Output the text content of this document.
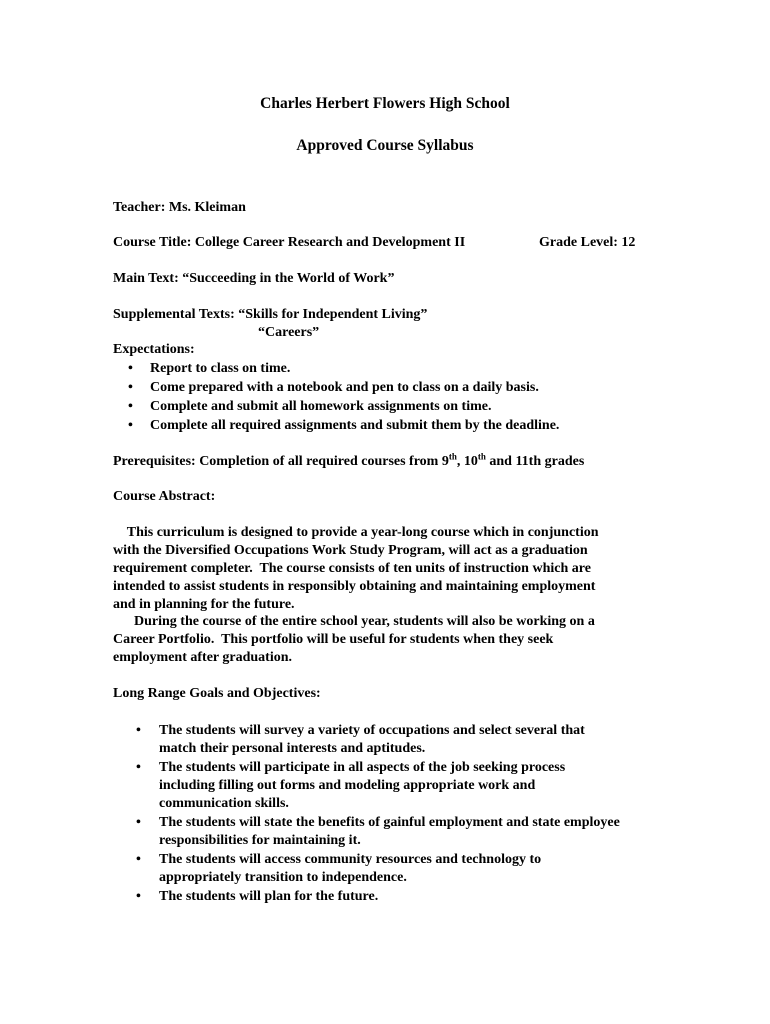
Charles Herbert Flowers High School
Approved Course Syllabus
Teacher: Ms. Kleiman
Course Title: College Career Research and Development II	Grade Level: 12
Main Text: “Succeeding in the World of Work”
Supplemental Texts: “Skills for Independent Living”
“Careers”
Expectations:
• Report to class on time.
• Come prepared with a notebook and pen to class on a daily basis.
• Complete and submit all homework assignments on time.
• Complete all required assignments and submit them by the deadline.
Prerequisites: Completion of all required courses from 9th, 10th and 11th grades
Course Abstract:

This curriculum is designed to provide a year-long course which in conjunction

with the Diversified Occupations Work Study Program, will act as a graduation

requirement completer.  The course consists of ten units of instruction which are

intended to assist students in responsibly obtaining and maintaining employment

and in planning for the future.

During the course of the entire school year, students will also be working on a

Career Portfolio.  This portfolio will be useful for students when they seek

employment after graduation.

Long Range Goals and Objectives:
• The students will survey a variety of occupations and select several that
match their personal interests and aptitudes.
• The students will participate in all aspects of the job seeking process
including filling out forms and modeling appropriate work and
communication skills.
• The students will state the benefits of gainful employment and state employee
responsibilities for maintaining it.
• The students will access community resources and technology to
appropriately transition to independence.
• The students will plan for the future.
